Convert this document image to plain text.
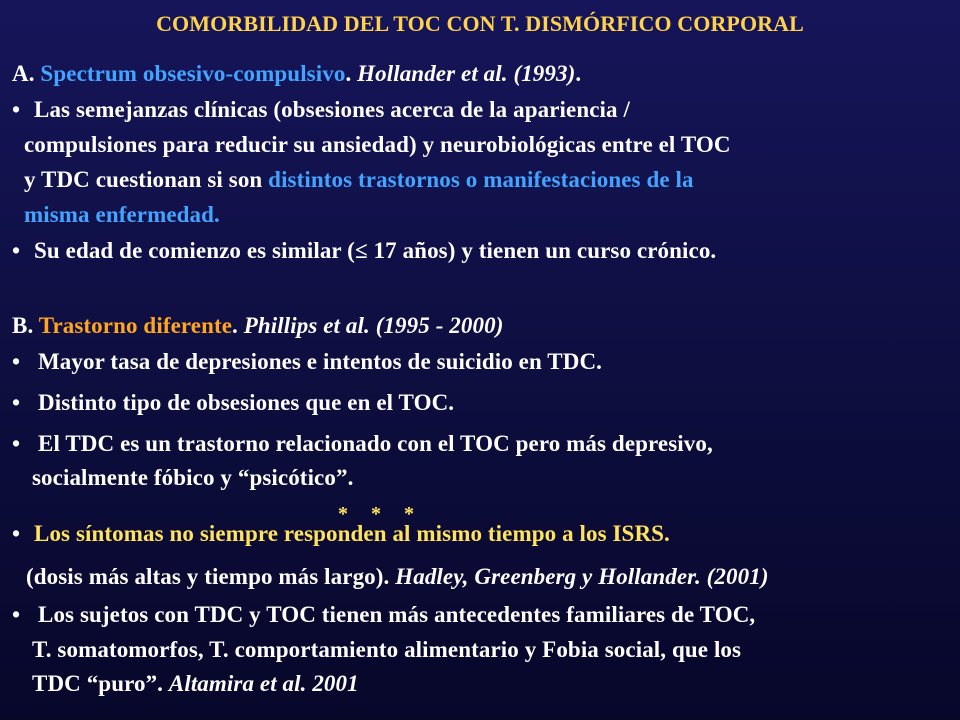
COMORBILIDAD DEL TOC CON T. DISMÓRFICO CORPORAL
A. Spectrum obsesivo-compulsivo. Hollander et al. (1993).
• Las semejanzas clínicas (obsesiones acerca de la apariencia /
compulsiones para reducir su ansiedad) y neurobiológicas entre el TOC
y TDC cuestionan si son distintos trastornos o manifestaciones de la
misma enfermedad.
• Su edad de comienzo es similar (≤ 17 años) y tienen un curso crónico.
B. Trastorno diferente. Phillips et al. (1995 - 2000)
• Mayor tasa de depresiones e intentos de suicidio en TDC.
• Distinto tipo de obsesiones que en el TOC.
• El TDC es un trastorno relacionado con el TOC pero más depresivo,
socialmente fóbico y “psicótico”.
* * *
• Los síntomas no siempre responden al mismo tiempo a los ISRS.
(dosis más altas y tiempo más largo). Hadley, Greenberg y Hollander. (2001)
• Los sujetos con TDC y TOC tienen más antecedentes familiares de TOC,
T. somatomorfos, T. comportamiento alimentario y Fobia social, que los
TDC “puro”. Altamira et al. 2001
